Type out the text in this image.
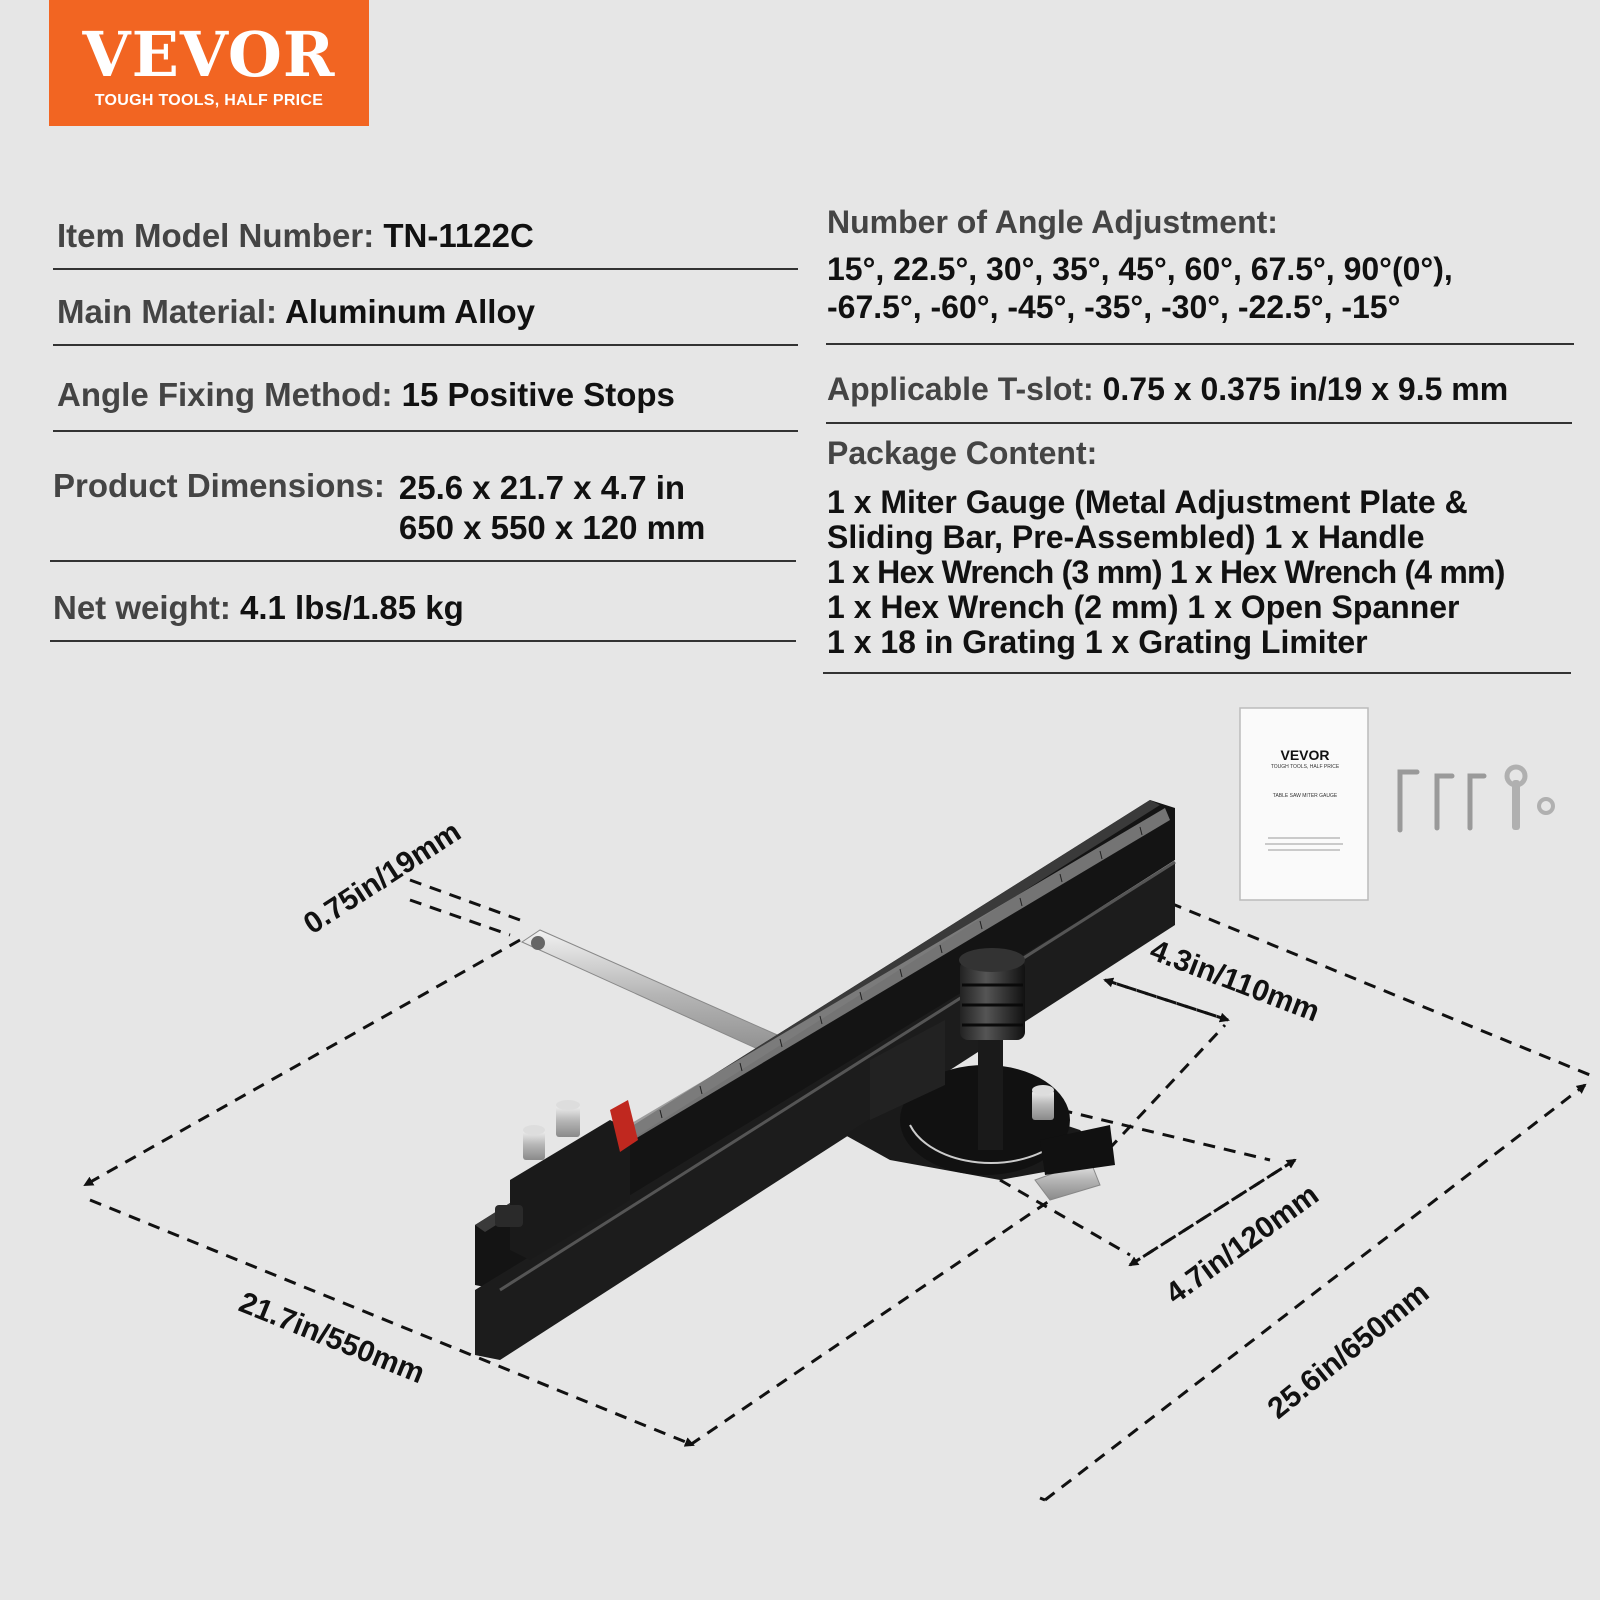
VEVOR
TOUGH TOOLS, HALF PRICE
Item Model Number: TN-1122C
Main Material: Aluminum Alloy
Angle Fixing Method: 15 Positive Stops
Product Dimensions: 25.6 x 21.7 x 4.7 in
650 x 550 x 120 mm
Net weight: 4.1 lbs/1.85 kg
Number of Angle Adjustment:
15°, 22.5°, 30°, 35°, 45°, 60°, 67.5°, 90°(0°),
-67.5°, -60°, -45°, -35°, -30°, -22.5°, -15°
Applicable T-slot: 0.75 x 0.375 in/19 x 9.5 mm
Package Content:
1 x Miter Gauge (Metal Adjustment Plate &
Sliding Bar, Pre-Assembled) 1 x Handle
1 x Hex Wrench (3 mm) 1 x Hex Wrench (4 mm)
1 x Hex Wrench (2 mm) 1 x Open Spanner
1 x 18 in Grating 1 x Grating Limiter
VEVOR
TOUGH TOOLS, HALF PRICE
TABLE SAW MITER GAUGE
0.75in/19mm
4.3in/110mm
4.7in/120mm
21.7in/550mm	25.6in/650mm
